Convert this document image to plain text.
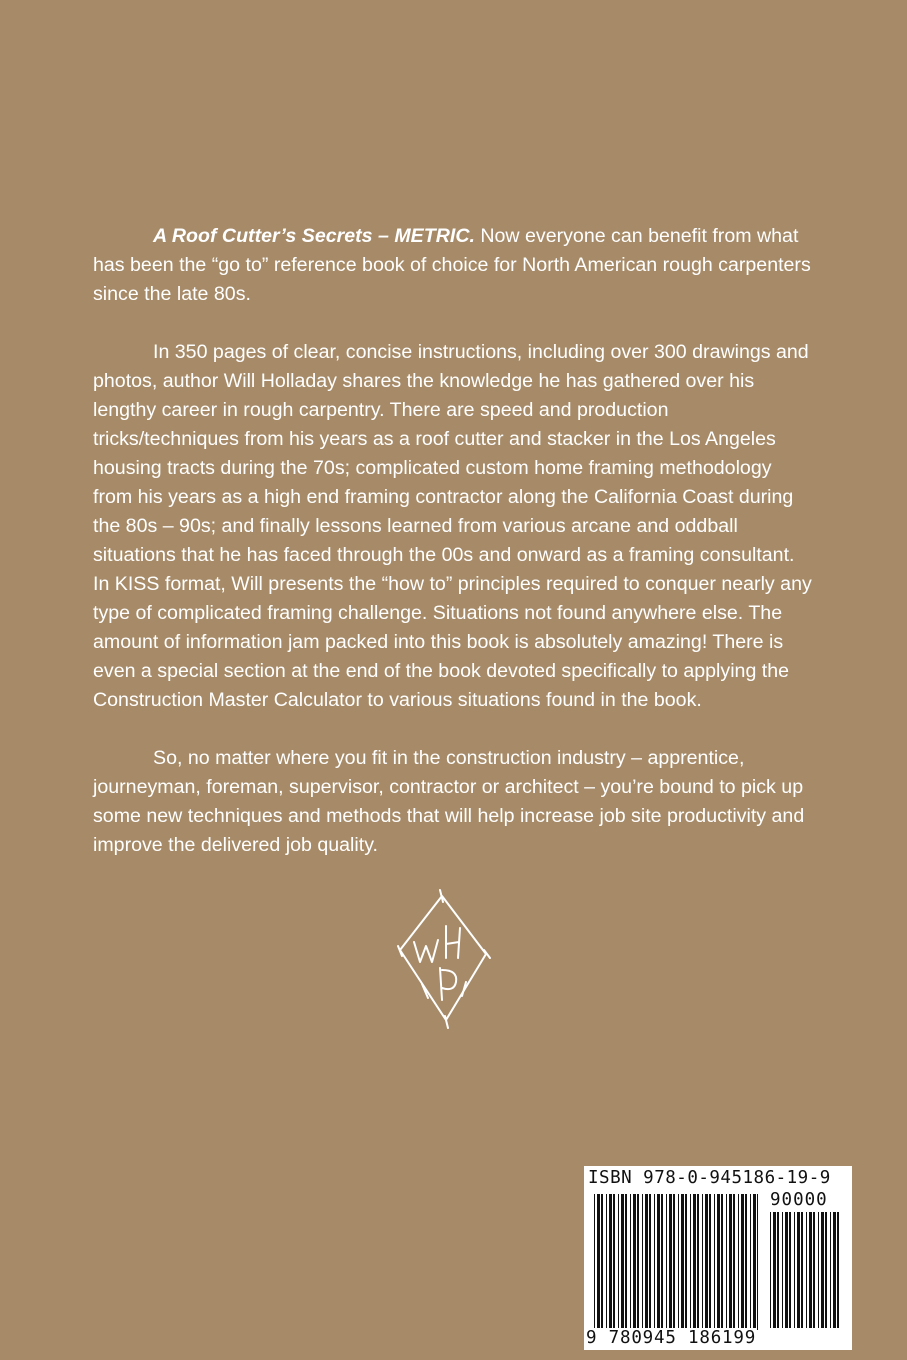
A Roof Cutter’s Secrets – METRIC. Now everyone can benefit from what has been the “go to” reference book of choice for North American rough carpenters since the late 80s.

In 350 pages of clear, concise instructions, including over 300 drawings and photos, author Will Holladay shares the knowledge he has gathered over his lengthy career in rough carpentry. There are speed and production tricks/techniques from his years as a roof cutter and stacker in the Los Angeles housing tracts during the 70s; complicated custom home framing methodology from his years as a high end framing contractor along the California Coast during the 80s – 90s; and finally lessons learned from various arcane and oddball situations that he has faced through the 00s and onward as a framing consultant. In KISS format, Will presents the “how to” principles required to conquer nearly any type of complicated framing challenge. Situations not found anywhere else. The amount of information jam packed into this book is absolutely amazing! There is even a special section at the end of the book devoted specifically to applying the Construction Master Calculator to various situations found in the book.

So, no matter where you fit in the construction industry – apprentice, journeyman, foreman, supervisor, contractor or architect – you’re bound to pick up some new techniques and methods that will help increase job site productivity and improve the delivered job quality.

ISBN 978-0-945186-19-9
90000
9 780945 186199
